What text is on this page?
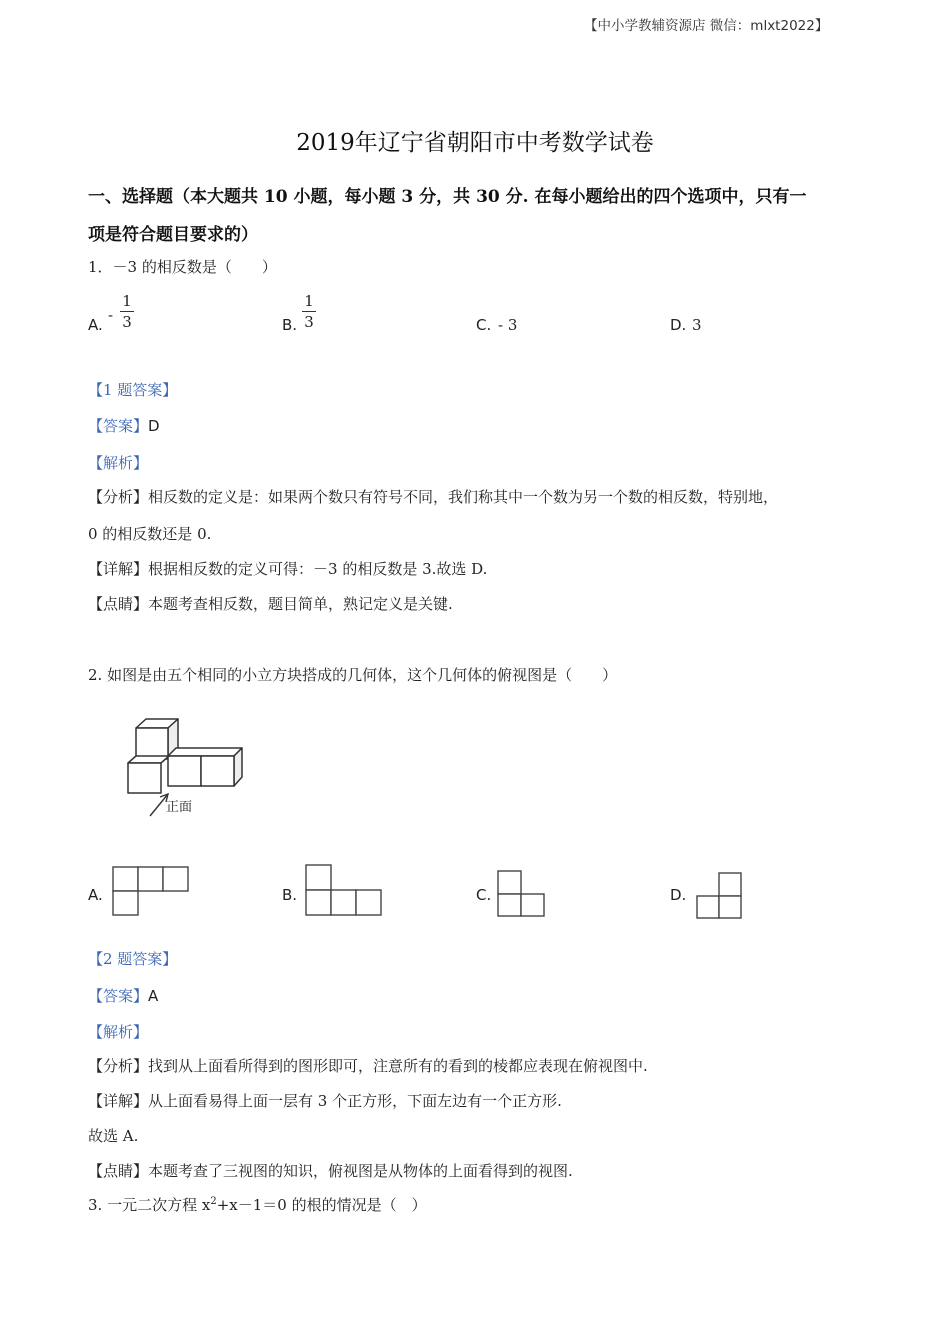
【中小学教辅资源店 微信：mlxt2022】
2019年辽宁省朝阳市中考数学试卷
一、选择题（本大题共 10 小题，每小题 3 分，共 30 分. 在每小题给出的四个选项中，只有一
项是符合题目要求的）
1．－3 的相反数是（　　）
A.
-
1
3	B.
1
3	C. - 3	D. 3
【1 题答案】
【答案】D
【解析】
【分析】相反数的定义是：如果两个数只有符号不同，我们称其中一个数为另一个数的相反数，特别地，
0 的相反数还是 0.
【详解】根据相反数的定义可得：－3 的相反数是 3.故选 D.
【点睛】本题考查相反数，题目简单，熟记定义是关键.
2. 如图是由五个相同的小立方块搭成的几何体，这个几何体的俯视图是（　　）
正面
A.	B.	C.	D.
【2 题答案】
【答案】A
【解析】
【分析】找到从上面看所得到的图形即可，注意所有的看到的棱都应表现在俯视图中.
【详解】从上面看易得上面一层有 3 个正方形，下面左边有一个正方形.
故选 A.
【点睛】本题考查了三视图的知识，俯视图是从物体的上面看得到的视图.
3. 一元二次方程 $x^2+x-1=0$ 的根的情况是（　）
